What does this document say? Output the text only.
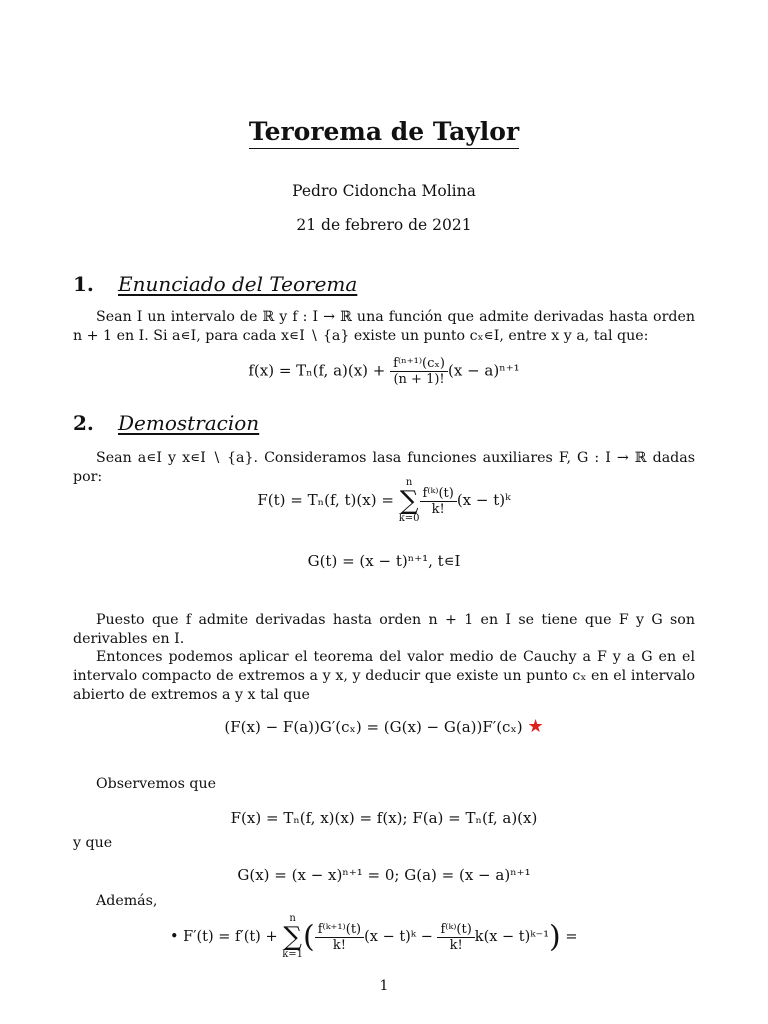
Terorema de Taylor
Pedro Cidoncha Molina
21 de febrero de 2021
1. Enunciado del Teorema
Sean I un intervalo de ℝ y f : I → ℝ una función que admite derivadas hasta orden n + 1 en I. Si a∊I, para cada x∊I ∖ {a} existe un punto cₓ∊I, entre x y a, tal que:
f(x) = Tₙ(f, $a)(x) + \frac{\text{f⁽ⁿ⁺¹⁾(cₓ)}}{(n + 1)!} (x - a)^{n+1}$
2. Demostracion
Sean a∊I y x∊I ∖ {a}. Consideramos lasa funciones auxiliares F, G : I → ℝ dadas por:
F(t) = Tₙ(f, t)(x) = n
∑
k=0
$\frac{\text{f⁽ᵏ⁾(t)}}{k!} (x$ − t)ᵏ
G(t) = (x − t)ⁿ⁺¹, t∊I
Puesto que f admite derivadas hasta orden n + 1 en I se tiene que F y G son derivables en I.
Entonces podemos aplicar el teorema del valor medio de Cauchy a F y a G en el intervalo compacto de extremos a y x, y deducir que existe un punto cₓ en el intervalo abierto de extremos a y x tal que
(F(x) − F(a))G′(cₓ) = (G(x) − G(a))F′(cₓ) ★
Observemos que
F(x) = Tₙ(f, x)(x) = f(x); F(a) = Tₙ(f, a)(x)
y que
G(x) = (x − x)ⁿ⁺¹ = 0; G(a) = (x − a)ⁿ⁺¹
Además,
• F′(t) = f′(t) + n
∑
$k=1( \frac{\text{f⁽ᵏ⁺¹⁾(t)}}{k!} (x$ − t)ᵏ − $\frac{\text{f⁽ᵏ⁾(t)}}{k!} k(x$ − t)ᵏ⁻¹) =
1
